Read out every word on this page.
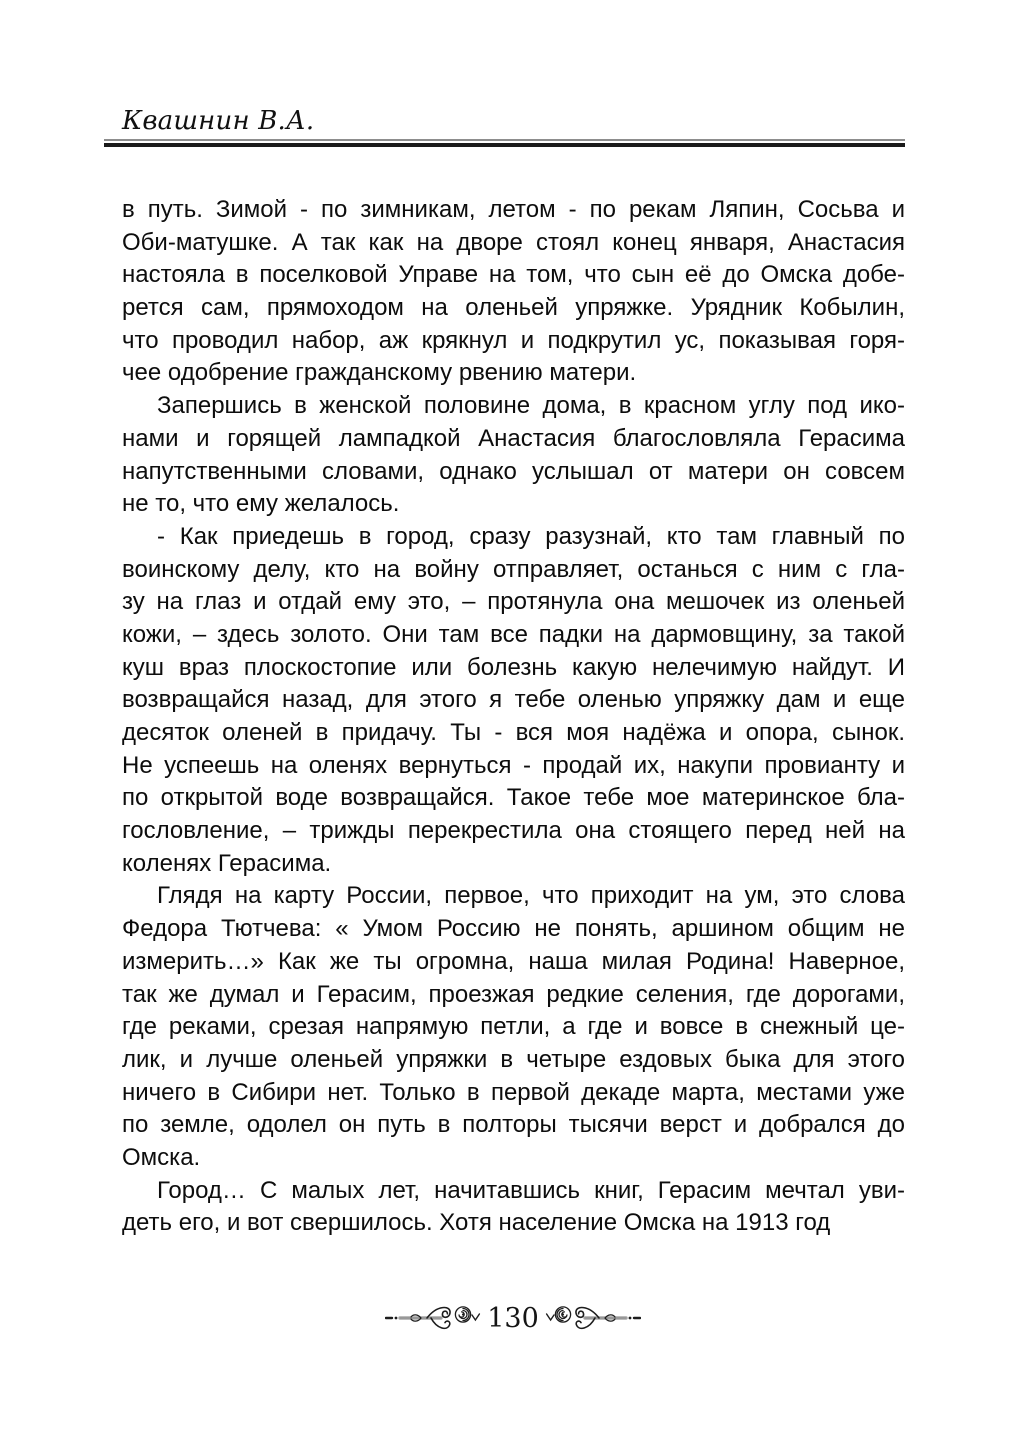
Квашнин В.А.
в путь. Зимой - по зимникам, летом - по рекам Ляпин, Сосьва и
Оби-матушке. А так как на дворе стоял конец января, Анастасия
настояла в поселковой Управе на том, что сын её до Омска добе-
рется сам, прямоходом на оленьей упряжке. Урядник Кобылин,
что проводил набор, аж крякнул и подкрутил ус, показывая горя-
чее одобрение гражданскому рвению матери.
Запершись в женской половине дома, в красном углу под ико-
нами и горящей лампадкой Анастасия благословляла Герасима
напутственными словами, однако услышал от матери он совсем
не то, что ему желалось.
- Как приедешь в город, сразу разузнай, кто там главный по
воинскому делу, кто на войну отправляет, останься с ним с гла-
зу на глаз и отдай ему это, – протянула она мешочек из оленьей
кожи, – здесь золото. Они там все падки на дармовщину, за такой
куш враз плоскостопие или болезнь какую нелечимую найдут. И
возвращайся назад, для этого я тебе оленью упряжку дам и еще
десяток оленей в придачу. Ты - вся моя надёжа и опора, сынок.
Не успеешь на оленях вернуться - продай их, накупи провианту и
по открытой воде возвращайся. Такое тебе мое материнское бла-
гословление, – трижды перекрестила она стоящего перед ней на
коленях Герасима.
Глядя на карту России, первое, что приходит на ум, это слова
Федора Тютчева: « Умом Россию не понять, аршином общим не
измерить…» Как же ты огромна, наша милая Родина! Наверное,
так же думал и Герасим, проезжая редкие селения, где дорогами,
где реками, срезая напрямую петли, а где и вовсе в снежный це-
лик, и лучше оленьей упряжки в четыре ездовых быка для этого
ничего в Сибири нет. Только в первой декаде марта, местами уже
по земле, одолел он путь в полторы тысячи верст и добрался до
Омска.
Город… С малых лет, начитавшись книг, Герасим мечтал уви-
деть его, и вот свершилось. Хотя население Омска на 1913 год
130
